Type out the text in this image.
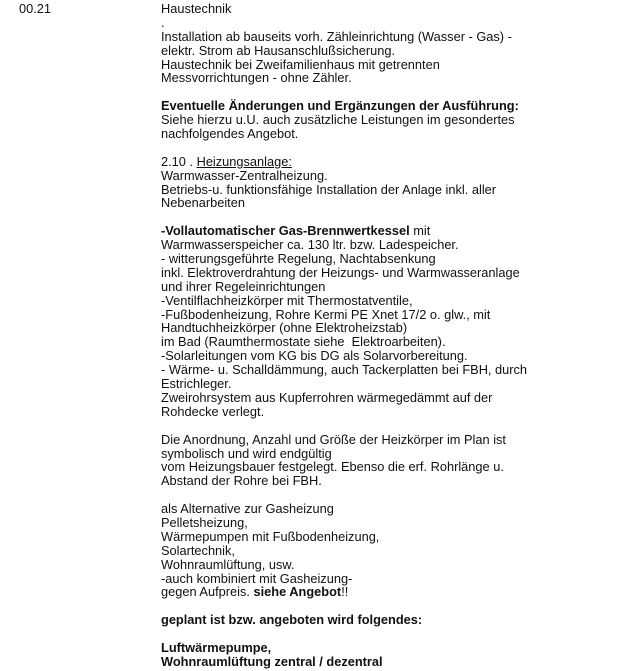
00.21	Haustechnik
.
Installation ab bauseits vorh. Zähleinrichtung (Wasser - Gas) -
elektr. Strom ab Hausanschlußsicherung.
Haustechnik bei Zweifamilienhaus mit getrennten
Messvorrichtungen - ohne Zähler.

Eventuelle Änderungen und Ergänzungen der Ausführung:
Siehe hierzu u.U. auch zusätzliche Leistungen im gesondertes
nachfolgendes Angebot.

2.10 . Heizungsanlage:
Warmwasser-Zentralheizung.
Betriebs-u. funktionsfähige Installation der Anlage inkl. aller
Nebenarbeiten

-Vollautomatischer Gas-Brennwertkessel mit
Warmwasserspeicher ca. 130 ltr. bzw. Ladespeicher.
- witterungsgeführte Regelung, Nachtabsenkung
inkl. Elektroverdrahtung der Heizungs- und Warmwasseranlage
und ihrer Regeleinrichtungen
-Ventilflachheizkörper mit Thermostatventile,
-Fußbodenheizung, Rohre Kermi PE Xnet 17/2 o. glw., mit
Handtuchheizkörper (ohne Elektroheizstab)
im Bad (Raumthermostate siehe  Elektroarbeiten).
-Solarleitungen vom KG bis DG als Solarvorbereitung.
- Wärme- u. Schalldämmung, auch Tackerplatten bei FBH, durch
Estrichleger.
Zweirohrsystem aus Kupferrohren wärmegedämmt auf der
Rohdecke verlegt.

Die Anordnung, Anzahl und Größe der Heizkörper im Plan ist
symbolisch und wird endgültig
vom Heizungsbauer festgelegt. Ebenso die erf. Rohrlänge u.
Abstand der Rohre bei FBH.

als Alternative zur Gasheizung
Pelletsheizung,
Wärmepumpen mit Fußbodenheizung,
Solartechnik,
Wohnraumlüftung, usw.
-auch kombiniert mit Gasheizung-
gegen Aufpreis. siehe Angebot!!

geplant ist bzw. angeboten wird folgendes:

Luftwärmepumpe,
Wohnraumlüftung zentral / dezentral
